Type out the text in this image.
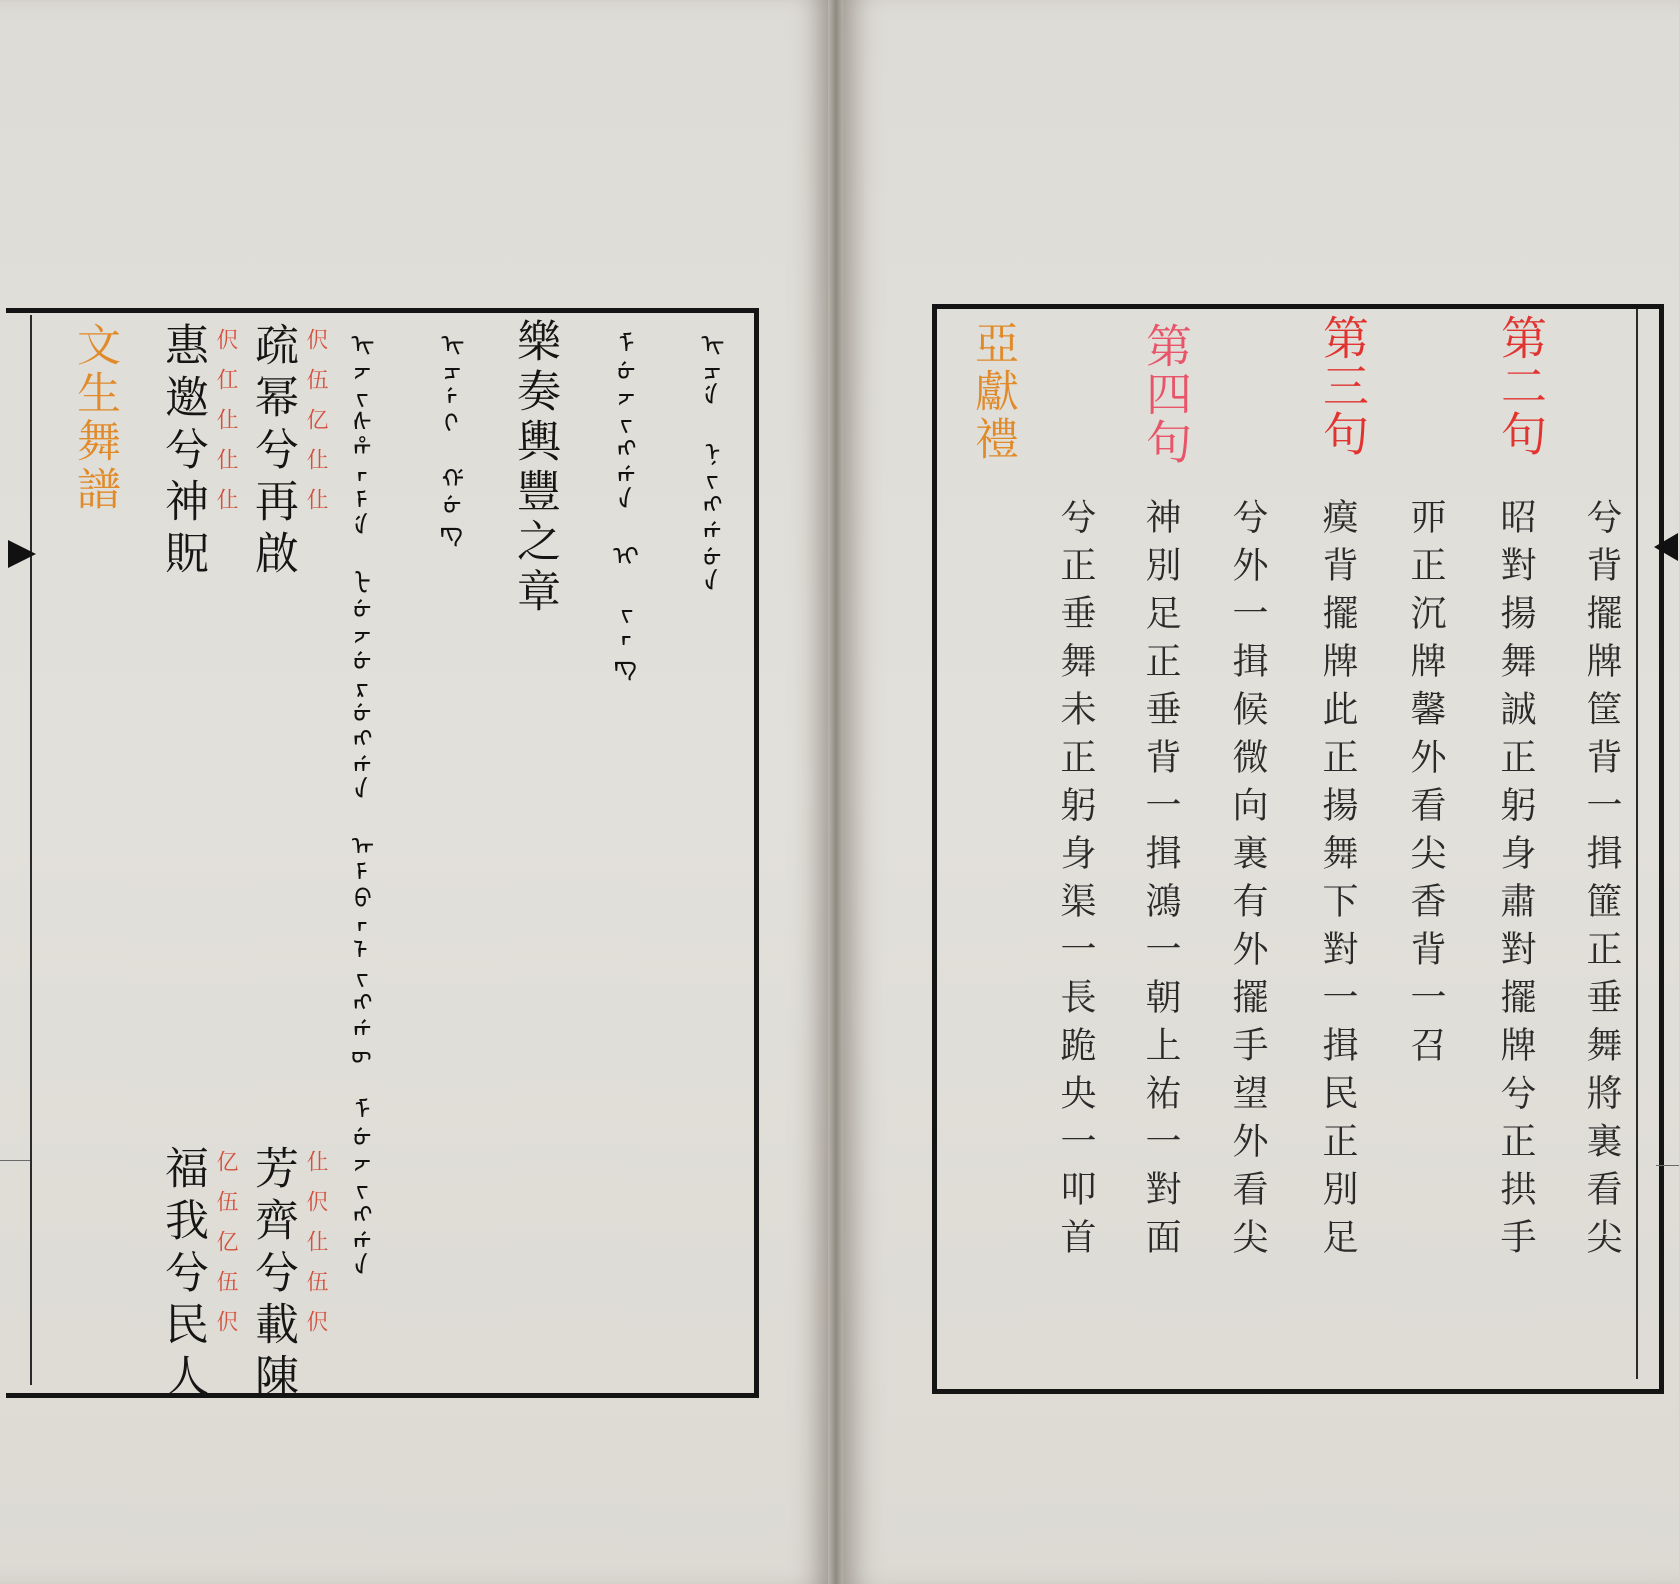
文生舞譜 惠邀兮神貺 伬仜仩仩仩 疏幂兮再啟 伬伍亿仩仩
福我兮民人 亿伍亿伍伬 芳齊兮載陳 仩伬仩伍伬 ᡳᠵᡳᠰᡥᠠᠮᡝ ᡶᡠᠵᡠᡵᡠᠩᡤᠠ ᠠᠮᠪᠠᠯᡳᠩᡤᡡ ᠮᡠᠵᡳᠩᡤᠠ	ᡳᠴᡝᡳ ᡤᡠᠩ 樂奏輿豐之章	ᠮᡠᠵᡳᠩᡤᠠ ᡳ ᠵᠠᠩ	ᡳᠴᡝ ᠨᡳᠩᡤᡠᠨ	亞獻禮
兮正垂舞未正躬身渠一長跪央一叩首
第四句
神別足正垂背一揖鴻一朝上祐一對面 兮外一揖候微向裏有外擺手望外看尖
第三句
瘼背擺牌此正揚舞下對一揖民正別足 丣正沉牌馨外看尖香背一召
第二句
昭對揚舞誠正躬身肅對擺牌兮正拱手 兮背擺牌筐背一揖篚正垂舞將裏看尖
